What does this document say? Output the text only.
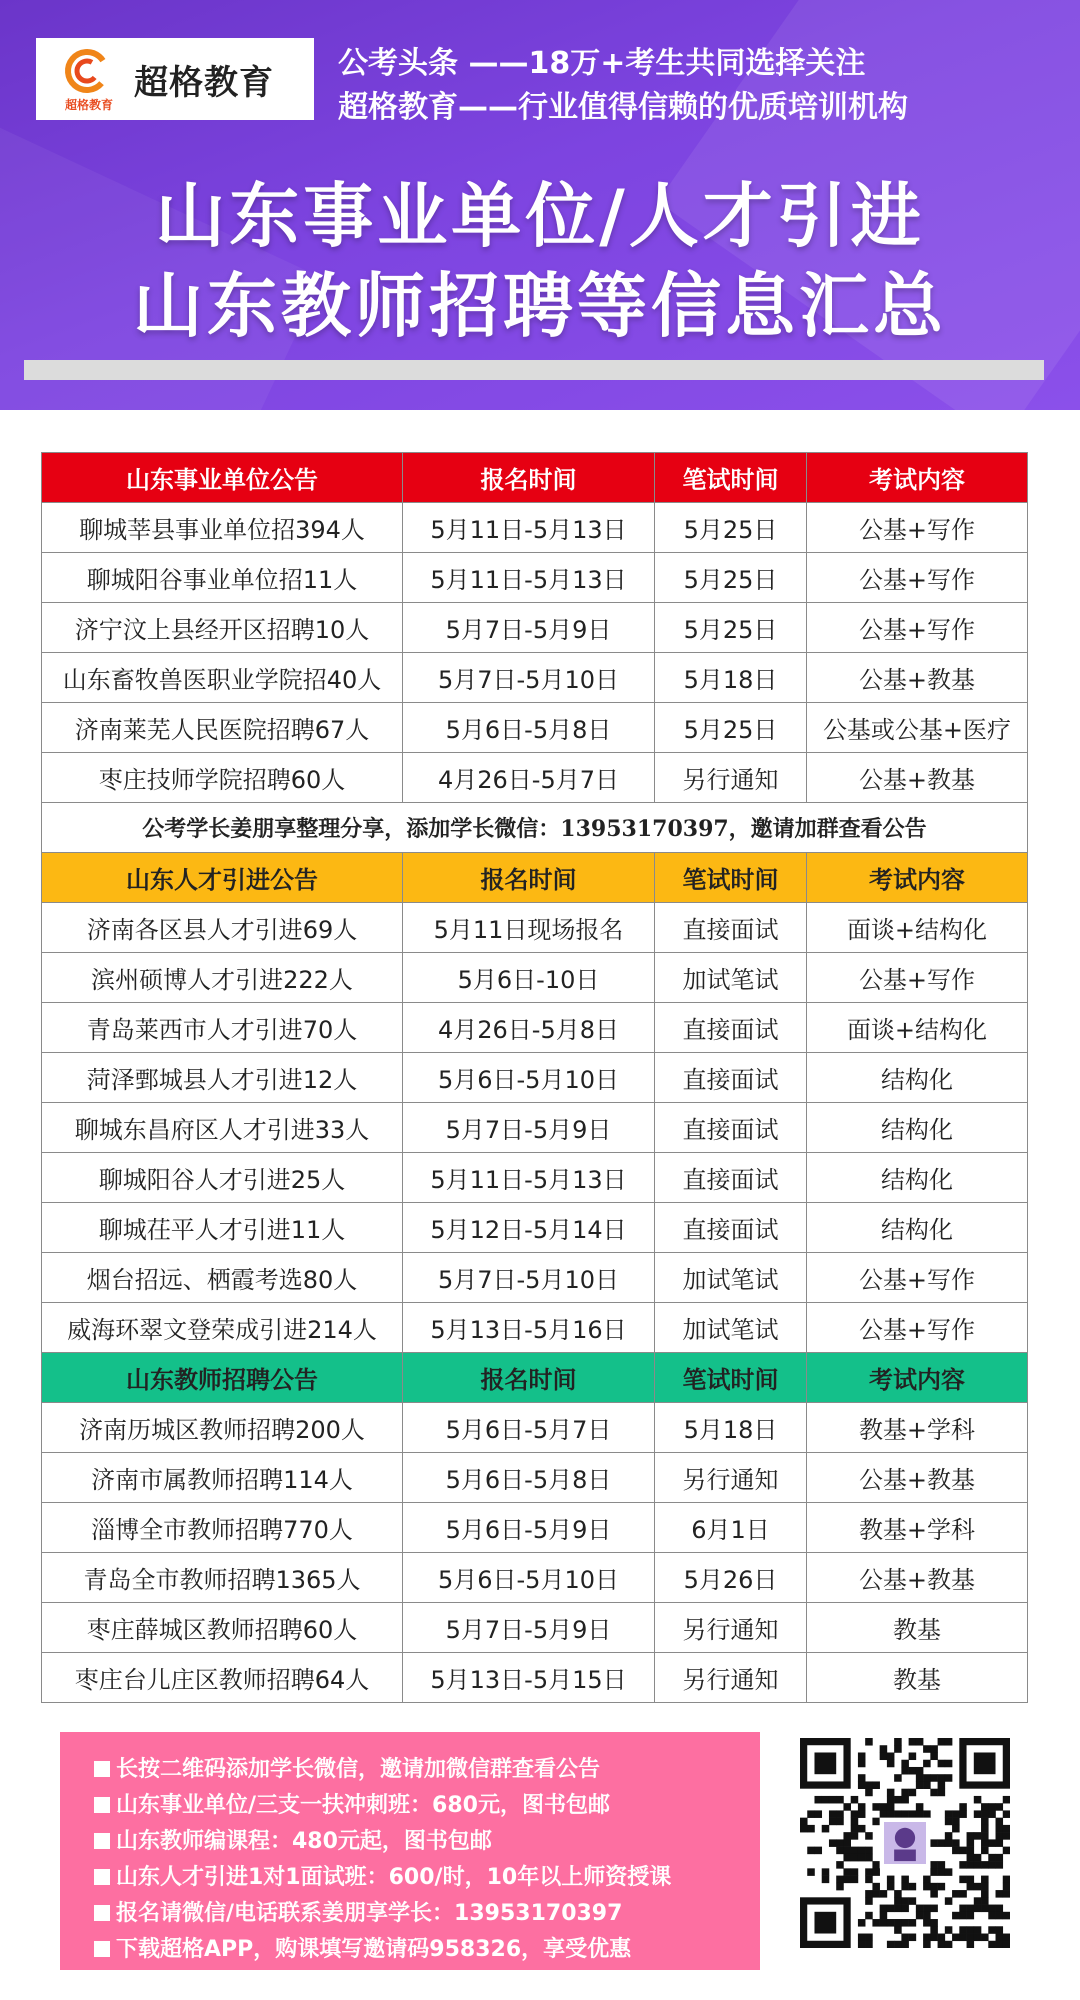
超格教育
超格教育 公考头条 ——18万+考生共同选择关注
超格教育——行业值得信赖的优质培训机构
山东事业单位/人才引进
山东教师招聘等信息汇总
山东事业单位公告	报名时间	笔试时间	考试内容
聊城莘县事业单位招394人	5月11日-5月13日	5月25日	公基+写作
聊城阳谷事业单位招11人	5月11日-5月13日	5月25日	公基+写作
济宁汶上县经开区招聘10人	5月7日-5月9日	5月25日	公基+写作
山东畜牧兽医职业学院招40人	5月7日-5月10日	5月18日	公基+教基
济南莱芜人民医院招聘67人	5月6日-5月8日	5月25日	公基或公基+医疗
枣庄技师学院招聘60人	4月26日-5月7日	另行通知	公基+教基
公考学长姜朋享整理分享，添加学长微信：13953170397，邀请加群查看公告			
山东人才引进公告	报名时间	笔试时间	考试内容
济南各区县人才引进69人	5月11日现场报名	直接面试	面谈+结构化
滨州硕博人才引进222人	5月6日-10日	加试笔试	公基+写作
青岛莱西市人才引进70人	4月26日-5月8日	直接面试	面谈+结构化
菏泽鄄城县人才引进12人	5月6日-5月10日	直接面试	结构化
聊城东昌府区人才引进33人	5月7日-5月9日	直接面试	结构化
聊城阳谷人才引进25人	5月11日-5月13日	直接面试	结构化
聊城茌平人才引进11人	5月12日-5月14日	直接面试	结构化
烟台招远、栖霞考选80人	5月7日-5月10日	加试笔试	公基+写作
威海环翠文登荣成引进214人	5月13日-5月16日	加试笔试	公基+写作
山东教师招聘公告	报名时间	笔试时间	考试内容
济南历城区教师招聘200人	5月6日-5月7日	5月18日	教基+学科
济南市属教师招聘114人	5月6日-5月8日	另行通知	公基+教基
淄博全市教师招聘770人	5月6日-5月9日	6月1日	教基+学科
青岛全市教师招聘1365人	5月6日-5月10日	5月26日	公基+教基
枣庄薛城区教师招聘60人	5月7日-5月9日	另行通知	教基
枣庄台儿庄区教师招聘64人	5月13日-5月15日	另行通知	教基
长按二维码添加学长微信，邀请加微信群查看公告
山东事业单位/三支一扶冲刺班：680元，图书包邮
山东教师编课程：480元起，图书包邮
山东人才引进1对1面试班：600/时，10年以上师资授课
报名请微信/电话联系姜朋享学长：13953170397
下载超格APP，购课填写邀请码958326，享受优惠
